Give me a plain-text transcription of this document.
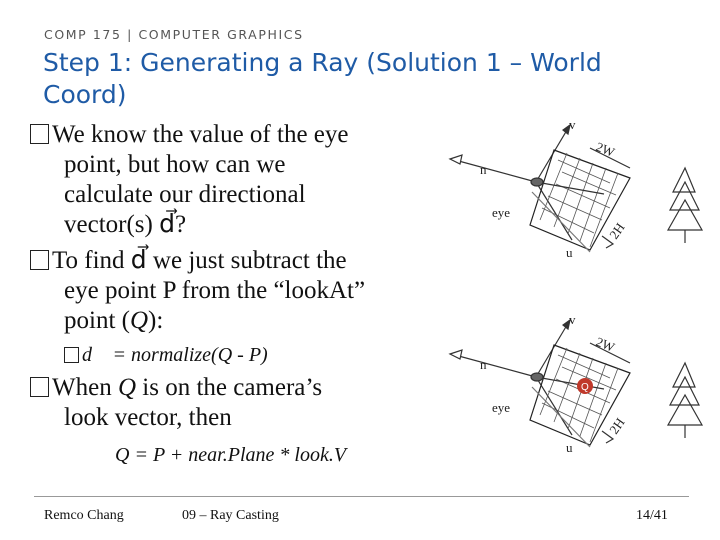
COMP 175 | COMPUTER GRAPHICS
Step 1: Generating a Ray (Solution 1 – World Coord)
We know the value of the eye
point, but how can we
calculate our directional
vector(s) d⃗?
To find d⃗ we just subtract the
eye point P from the “lookAt”
point (Q):
d⃗ = normalize(Q - P)
When Q is on the camera’s
look vector, then
Q = P + near.Plane * look.V
v
n
eye
u
2W
2H
v
n
eye
u
2W
2H
Q
Remco Chang	09 – Ray Casting	14/41
